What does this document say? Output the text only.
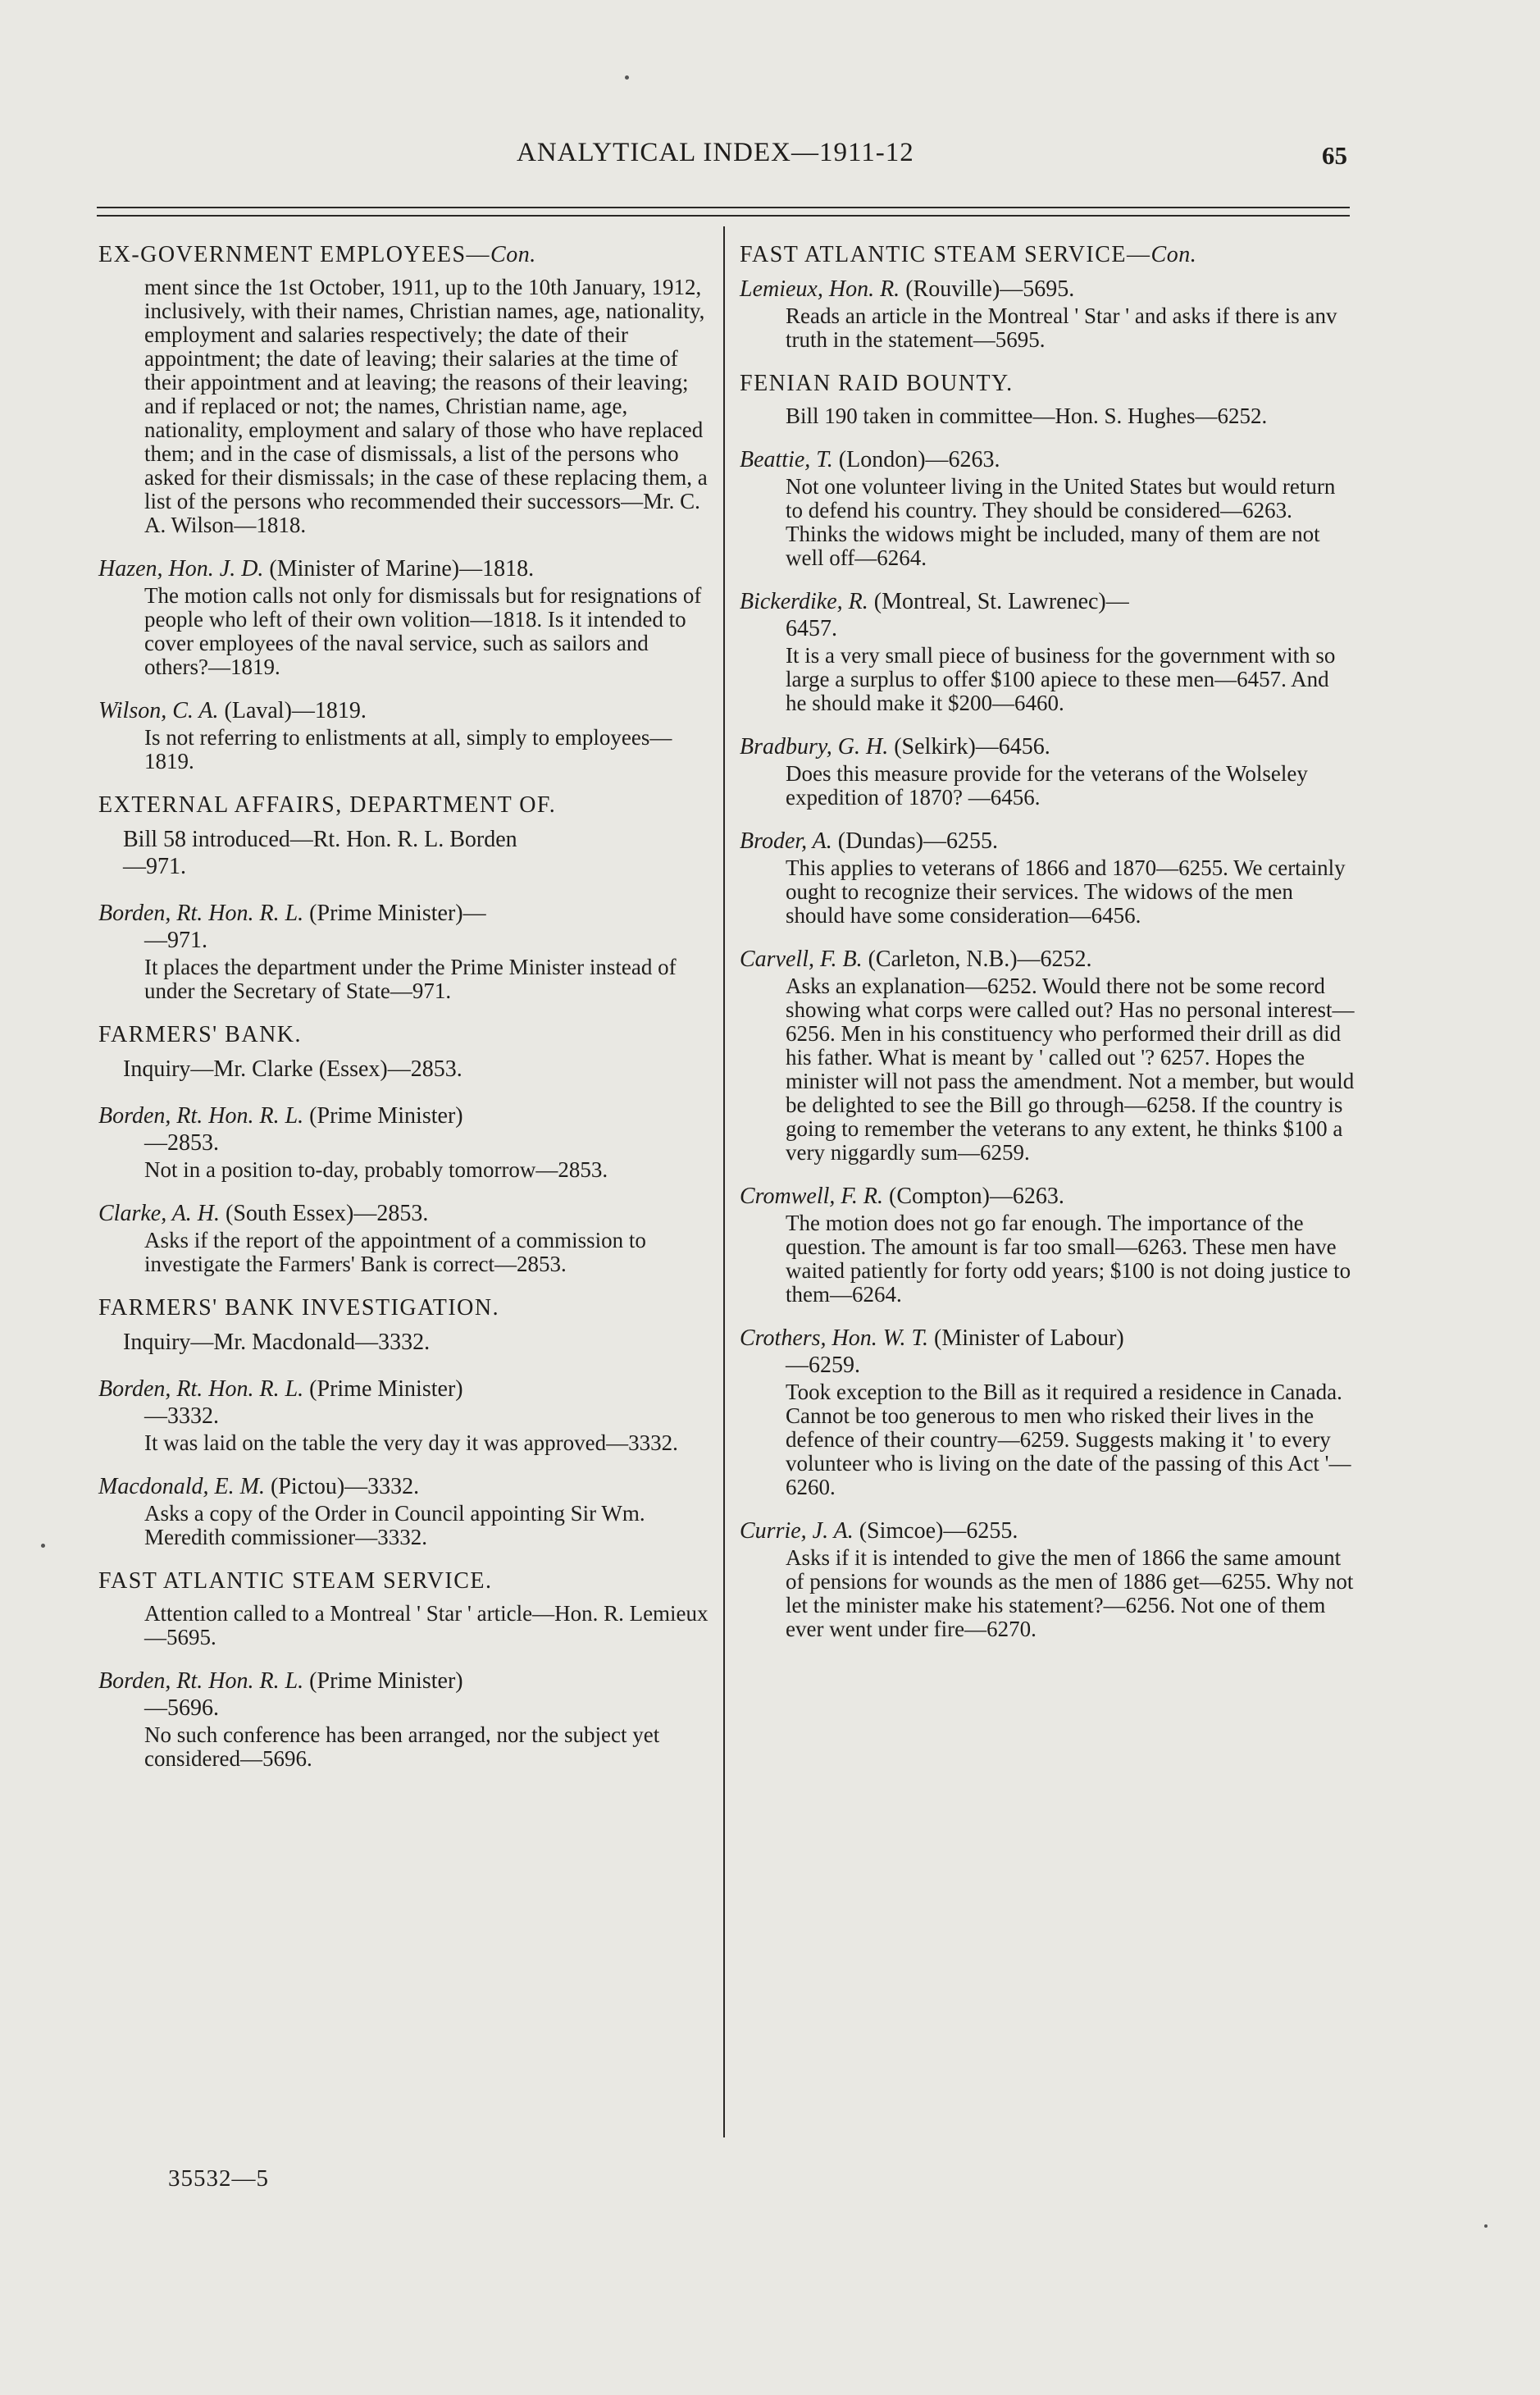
ANALYTICAL INDEX—1911-12	65
EX-GOVERNMENT EMPLOYEES—Con.

ment since the 1st October, 1911, up to the 10th January, 1912, inclusively, with their names, Christian names, age, nationality, employment and salaries respectively; the date of their appointment; the date of leaving; their salaries at the time of their appointment and at leaving; the reasons of their leaving; and if replaced or not; the names, Christian name, age, nationality, employment and salary of those who have replaced them; and in the case of dismissals, a list of the persons who asked for their dismissals; in the case of these replacing them, a list of the persons who recommended their successors—Mr. C. A. Wilson—1818.

Hazen, Hon. J. D. (Minister of Marine)—1818.

The motion calls not only for dismissals but for resignations of people who left of their own volition—1818. Is it intended to cover employees of the naval service, such as sailors and others?—1819.

Wilson, C. A. (Laval)—1819.

Is not referring to enlistments at all, simply to employees—1819.

EXTERNAL AFFAIRS, DEPARTMENT OF.

Bill 58 introduced—Rt. Hon. R. L. Borden
—971.

Borden, Rt. Hon. R. L. (Prime Minister)—
—971.

It places the department under the Prime Minister instead of under the Secretary of State—971.

FARMERS' BANK.

Inquiry—Mr. Clarke (Essex)—2853.

Borden, Rt. Hon. R. L. (Prime Minister)
—2853.

Not in a position to-day, probably tomorrow—2853.

Clarke, A. H. (South Essex)—2853.

Asks if the report of the appointment of a commission to investigate the Farmers' Bank is correct—2853.

FARMERS' BANK INVESTIGATION.

Inquiry—Mr. Macdonald—3332.

Borden, Rt. Hon. R. L. (Prime Minister)
—3332.

It was laid on the table the very day it was approved—3332.

Macdonald, E. M. (Pictou)—3332.

Asks a copy of the Order in Council appointing Sir Wm. Meredith commissioner—3332.

FAST ATLANTIC STEAM SERVICE.

Attention called to a Montreal ' Star ' article—Hon. R. Lemieux—5695.

Borden, Rt. Hon. R. L. (Prime Minister)
—5696.

No such conference has been arranged, nor the subject yet considered—5696.

FAST ATLANTIC STEAM SERVICE—Con.

Lemieux, Hon. R. (Rouville)—5695.

Reads an article in the Montreal ' Star ' and asks if there is anv truth in the statement—5695.

FENIAN RAID BOUNTY.

Bill 190 taken in committee—Hon. S. Hughes—6252.

Beattie, T. (London)—6263.

Not one volunteer living in the United States but would return to defend his country. They should be considered—6263. Thinks the widows might be included, many of them are not well off—6264.

Bickerdike, R. (Montreal, St. Lawrenec)—
6457.

It is a very small piece of business for the government with so large a surplus to offer $100 apiece to these men—6457. And he should make it $200—6460.

Bradbury, G. H. (Selkirk)—6456.

Does this measure provide for the veterans of the Wolseley expedition of 1870? —6456.

Broder, A. (Dundas)—6255.

This applies to veterans of 1866 and 1870—6255. We certainly ought to recognize their services. The widows of the men should have some consideration—6456.

Carvell, F. B. (Carleton, N.B.)—6252.

Asks an explanation—6252. Would there not be some record showing what corps were called out? Has no personal interest—6256. Men in his constituency who performed their drill as did his father. What is meant by ' called out '? 6257. Hopes the minister will not pass the amendment. Not a member, but would be delighted to see the Bill go through—6258. If the country is going to remember the veterans to any extent, he thinks $100 a very niggardly sum—6259.

Cromwell, F. R. (Compton)—6263.

The motion does not go far enough. The importance of the question. The amount is far too small—6263. These men have waited patiently for forty odd years; $100 is not doing justice to them—6264.

Crothers, Hon. W. T. (Minister of Labour)
—6259.

Took exception to the Bill as it required a residence in Canada. Cannot be too generous to men who risked their lives in the defence of their country—6259. Suggests making it ' to every volunteer who is living on the date of the passing of this Act '—6260.

Currie, J. A. (Simcoe)—6255.

Asks if it is intended to give the men of 1866 the same amount of pensions for wounds as the men of 1886 get—6255. Why not let the minister make his statement?—6256. Not one of them ever went under fire—6270.

35532—5
